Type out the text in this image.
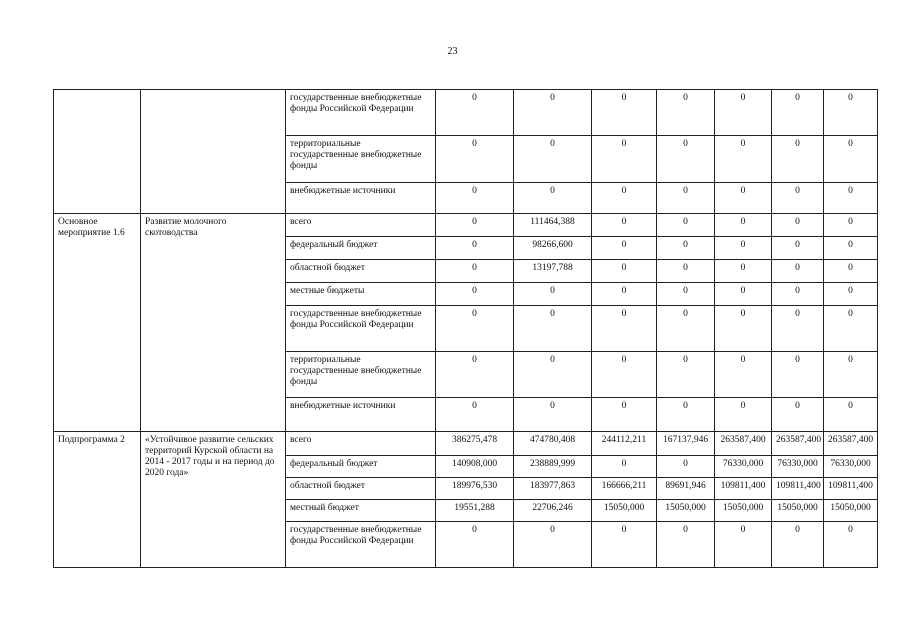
23
		государственные внебюджетные фонды Российской Федерации	0	0	0	0	0	0	0
		территориальные государственные внебюджетные фонды	0	0	0	0	0	0	0
		внебюджетные источники	0	0	0	0	0	0	0
Основное мероприятие 1.6	Развитие молочного скотоводства	всего	0	111464,388	0	0	0	0	0
		федеральный бюджет	0	98266,600	0	0	0	0	0
		областной бюджет	0	13197,788	0	0	0	0	0
		местные бюджеты	0	0	0	0	0	0	0
		государственные внебюджетные фонды Российской Федерации	0	0	0	0	0	0	0
		территориальные государственные внебюджетные фонды	0	0	0	0	0	0	0
		внебюджетные источники	0	0	0	0	0	0	0
Подпрограмма 2	«Устойчивое развитие сельских территорий Курской области на 2014 - 2017 годы и на период до 2020 года»	всего	386275,478	474780,408	244112,211	167137,946	263587,400	263587,400	263587,400
		федеральный бюджет	140908,000	238889,999	0	0	76330,000	76330,000	76330,000
		областной бюджет	189976,530	183977,863	166666,211	89691,946	109811,400	109811,400	109811,400
		местный бюджет	19551,288	22706,246	15050,000	15050,000	15050,000	15050,000	15050,000
		государственные внебюджетные фонды Российской Федерации	0	0	0	0	0	0	0
